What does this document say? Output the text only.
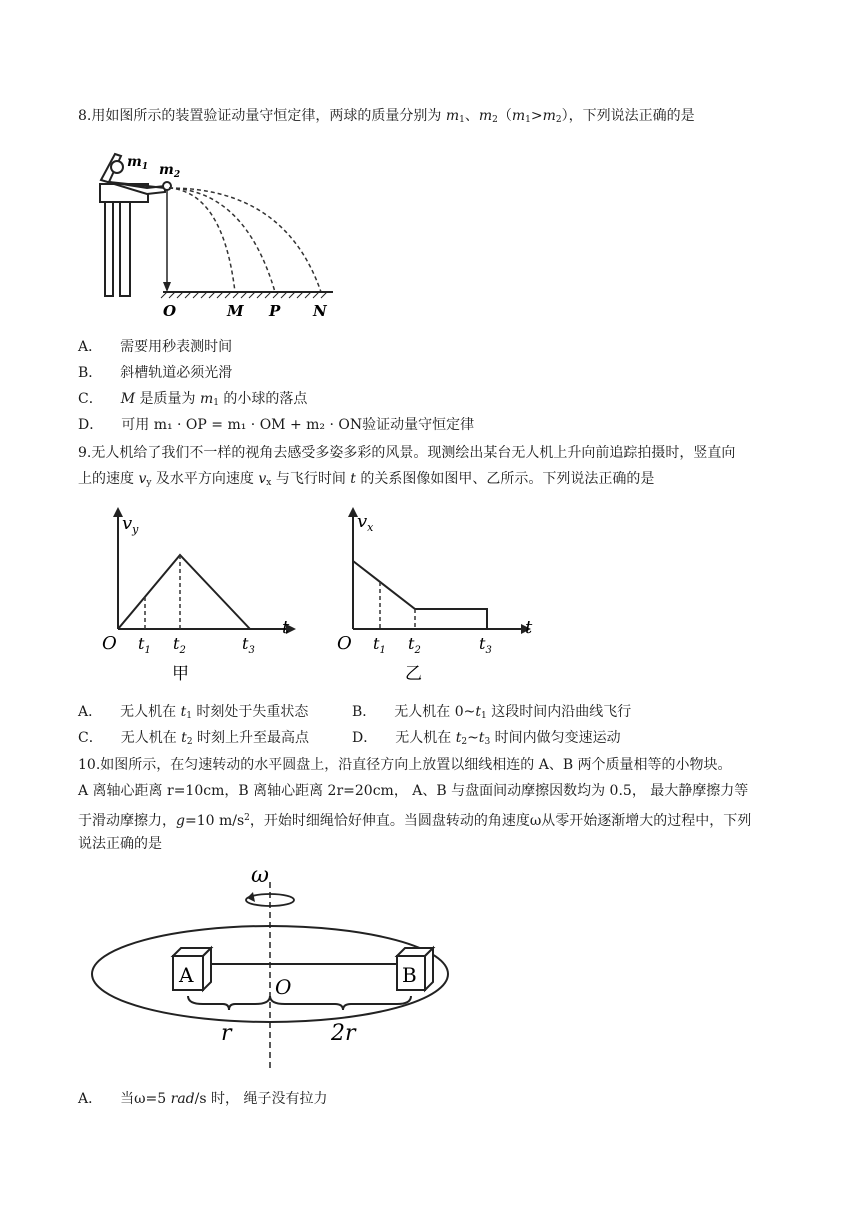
8.用如图所示的装置验证动量守恒定律，两球的质量分别为 $m_1$、$m_2(m_1>m_2)$，下列说法正确的是
$m_1$ $m_2$
O	M P N
A． 需要用秒表测时间
B． 斜槽轨道必须光滑
C． M 是质量为 $m_1$ 的小球的落点
D． 可用 m₁ · OP = m₁ · OM + m₂ · ON验证动量守恒定律
9.无人机给了我们不一样的视角去感受多姿多彩的风景。现测绘出某台无人机上升向前追踪拍摄时，竖直向
上的速度 $v_y$ 及水平方向速度 $v_x$ 与飞行时间 t 的关系图像如图甲、乙所示。下列说法正确的是
$v_y$
t
O $t_1$ $t_2$	$t_3$
甲
$v_x$
t
O $t_1$ $t_2$	$t_3$
乙
A． 无人机在 $t_1$ 时刻处于失重状态	B． 无人机在 $0\sim t_1$ 这段时间内沿曲线飞行
C． 无人机在 $t_2$ 时刻上升至最高点	D． 无人机在 $t_2\sim t_3$ 时间内做匀变速运动
10.如图所示，在匀速转动的水平圆盘上，沿直径方向上放置以细线相连的 A、B 两个质量相等的小物块。
A 离轴心距离 r=10cm，B 离轴心距离 2r=20cm， A、B 与盘面间动摩擦因数均为 0.5， 最大静摩擦力等
于滑动摩擦力，g=10 $m/s^2$，开始时细绳恰好伸直。当圆盘转动的角速度ω从零开始逐渐增大的过程中，下列
说法正确的是
ω
A	B
O
r	2r
A． 当ω=5 rad/s 时， 绳子没有拉力
